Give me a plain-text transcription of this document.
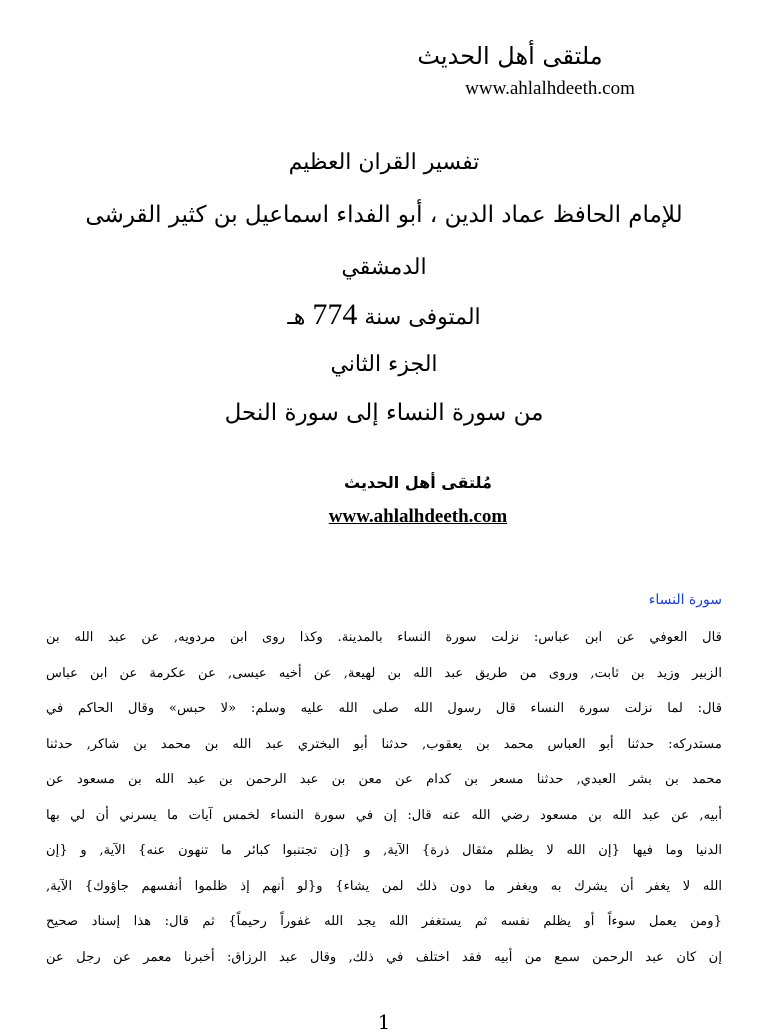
ملتقى أهل الحديث
www.ahlalhdeeth.com
تفسير القران العظيم
للإمام الحافظ عماد الدين ، أبو الفداء اسماعيل بن كثير القرشى
الدمشقي
المتوفى سنة 774 هـ
الجزء الثاني
من سورة النساء إلى سورة النحل
مُلتقى أهل الحديث
www.ahlalhdeeth.com
سورة النساء
قال العوفي عن ابن عباس: نزلت سورة النساء بالمدينة. وكذا روى ابن مردويه, عن عبد الله بن
الزبير وزيد بن ثابت, وروى من طريق عبد الله بن لهيعة, عن أخيه عيسى, عن عكرمة عن ابن عباس
قال: لما نزلت سورة النساء قال رسول الله صلى الله عليه وسلم: «لا حبس» وقال الحاكم في
مستدركه: حدثنا أبو العباس محمد بن يعقوب, حدثنا أبو البختري عبد الله بن محمد بن شاكر, حدثنا
محمد بن بشر العبدي, حدثنا مسعر بن كدام عن معن بن عبد الرحمن بن عبد الله بن مسعود عن
أبيه, عن عبد الله بن مسعود رضي الله عنه قال: إن في سورة النساء لخمس آيات ما يسرني أن لي بها
الدنيا وما فيها {إن الله لا يظلم مثقال ذرة} الآية, و {إن تجتنبوا كبائر ما تنهون عنه} الآية, و {إن
الله لا يغفر أن يشرك به ويغفر ما دون ذلك لمن يشاء} و{لو أنهم إذ ظلموا أنفسهم جاؤوك} الآية,
{ومن يعمل سوءاً أو يظلم نفسه ثم يستغفر الله يجد الله غفوراً رحيماً} ثم قال: هذا إسناد صحيح
إن كان عبد الرحمن سمع من أبيه فقد اختلف في ذلك, وقال عبد الرزاق: أخبرنا معمر عن رجل عن
1
